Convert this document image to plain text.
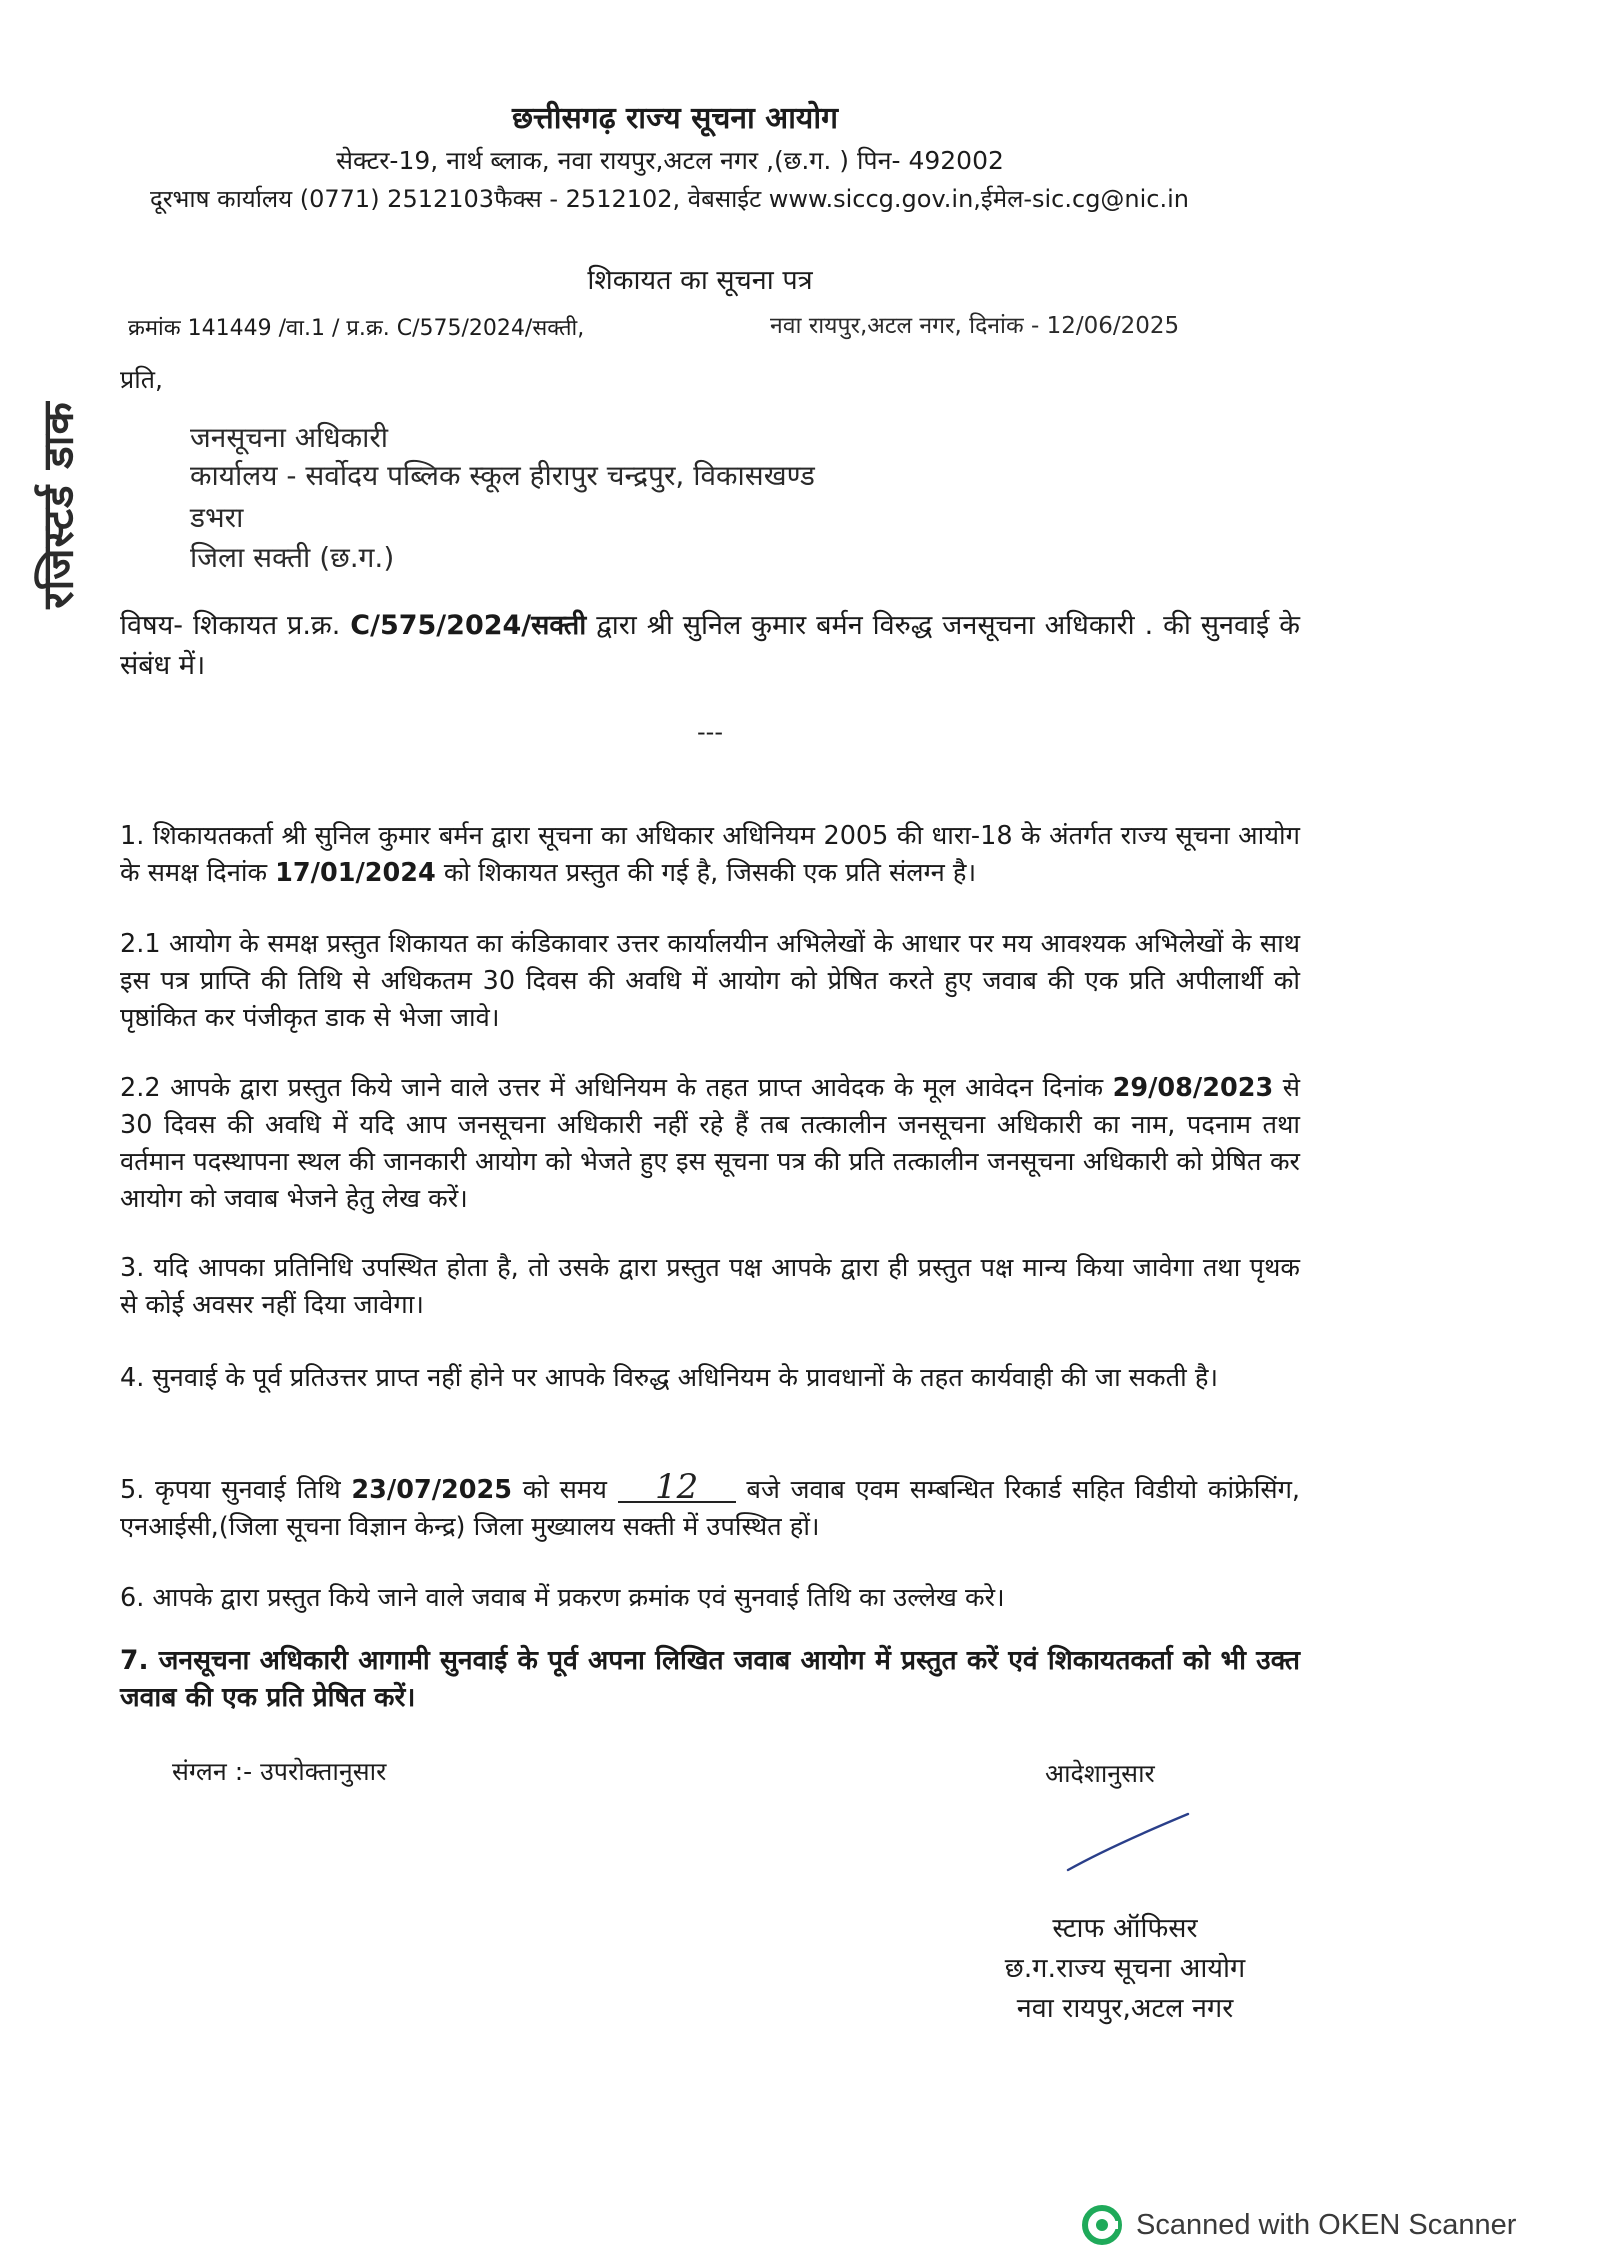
छत्तीसगढ़ राज्य सूचना आयोग
सेक्टर-19, नार्थ ब्लाक, नवा रायपुर,अटल नगर ,(छ.ग. ) पिन- 492002
दूरभाष कार्यालय (0771) 2512103फैक्स - 2512102, वेबसाईट www.siccg.gov.in,ईमेल-sic.cg@nic.in
शिकायत का सूचना पत्र
क्रमांक 141449 /वा.1 / प्र.क्र. C/575/2024/सक्ती,	नवा रायपुर,अटल नगर, दिनांक - 12/06/2025
प्रति,
रजिस्टर्ड डाक	जनसूचना अधिकारी
कार्यालय - सर्वोदय पब्लिक स्कूल हीरापुर चन्द्रपुर, विकासखण्ड
डभरा
जिला सक्ती (छ.ग.)
विषय- शिकायत प्र.क्र. C/575/2024/सक्ती द्वारा श्री सुनिल कुमार बर्मन विरुद्ध जनसूचना अधिकारी . की सुनवाई के संबंध में।
---
1. शिकायतकर्ता श्री सुनिल कुमार बर्मन द्वारा सूचना का अधिकार अधिनियम 2005 की धारा-18 के अंतर्गत राज्य सूचना आयोग के समक्ष दिनांक 17/01/2024 को शिकायत प्रस्तुत की गई है, जिसकी एक प्रति संलग्न है।
2.1 आयोग के समक्ष प्रस्तुत शिकायत का कंडिकावार उत्तर कार्यालयीन अभिलेखों के आधार पर मय आवश्यक अभिलेखों के साथ इस पत्र प्राप्ति की तिथि से अधिकतम 30 दिवस की अवधि में आयोग को प्रेषित करते हुए जवाब की एक प्रति अपीलार्थी को पृष्ठांकित कर पंजीकृत डाक से भेजा जावे।
2.2 आपके द्वारा प्रस्तुत किये जाने वाले उत्तर में अधिनियम के तहत प्राप्त आवेदक के मूल आवेदन दिनांक 29/08/2023 से 30 दिवस की अवधि में यदि आप जनसूचना अधिकारी नहीं रहे हैं तब तत्कालीन जनसूचना अधिकारी का नाम, पदनाम तथा वर्तमान पदस्थापना स्थल की जानकारी आयोग को भेजते हुए इस सूचना पत्र की प्रति तत्कालीन जनसूचना अधिकारी को प्रेषित कर आयोग को जवाब भेजने हेतु लेख करें।
3. यदि आपका प्रतिनिधि उपस्थित होता है, तो उसके द्वारा प्रस्तुत पक्ष आपके द्वारा ही प्रस्तुत पक्ष मान्य किया जावेगा तथा पृथक से कोई अवसर नहीं दिया जावेगा।
4. सुनवाई के पूर्व प्रतिउत्तर प्राप्त नहीं होने पर आपके विरुद्ध अधिनियम के प्रावधानों के तहत कार्यवाही की जा सकती है।
5. कृपया सुनवाई तिथि 23/07/2025 को समय 12 बजे जवाब एवम सम्बन्धित रिकार्ड सहित विडीयो कांफ्रेसिंग, एनआईसी,(जिला सूचना विज्ञान केन्द्र) जिला मुख्यालय सक्ती में उपस्थित हों।
6. आपके द्वारा प्रस्तुत किये जाने वाले जवाब में प्रकरण क्रमांक एवं सुनवाई तिथि का उल्लेख करे।
7. जनसूचना अधिकारी आगामी सुनवाई के पूर्व अपना लिखित जवाब आयोग में प्रस्तुत करें एवं शिकायतकर्ता को भी उक्त जवाब की एक प्रति प्रेषित करें।
संग्लन :- उपरोक्तानुसार	आदेशानुसार
स्टाफ ऑफिसर
छ.ग.राज्य सूचना आयोग
नवा रायपुर,अटल नगर
Scanned with OKEN Scanner
